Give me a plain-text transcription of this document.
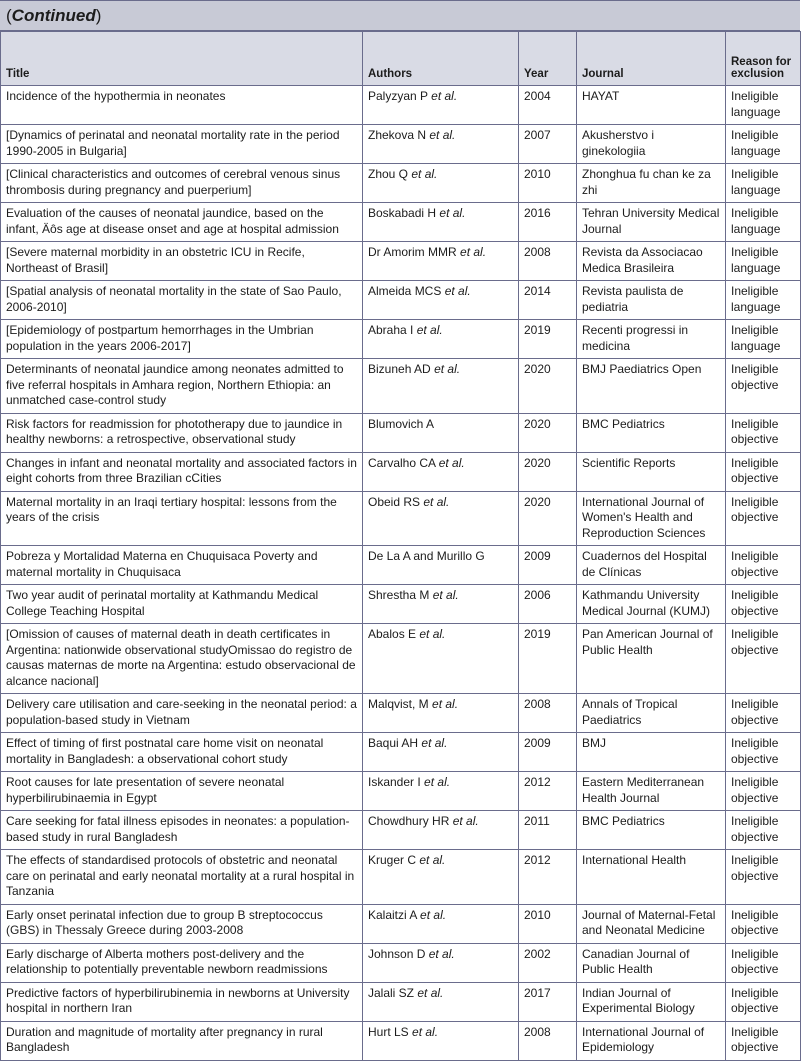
( Continued )
Title	Authors	Year	Journal	Reason for exclusion
Incidence of the hypothermia in neonates	Palyzyan P et al.	2004	HAYAT	Ineligible language
[Dynamics of perinatal and neonatal mortality rate in the period 1990-2005 in Bulgaria]	Zhekova N et al.	2007	Akusherstvo i ginekologiia	Ineligible language
[Clinical characteristics and outcomes of cerebral venous sinus thrombosis during pregnancy and puerperium]	Zhou Q et al.	2010	Zhonghua fu chan ke za zhi	Ineligible language
Evaluation of the causes of neonatal jaundice, based on the infant, Äôs age at disease onset and age at hospital admission	Boskabadi H et al.	2016	Tehran University Medical Journal	Ineligible language
[Severe maternal morbidity in an obstetric ICU in Recife, Northeast of Brasil]	Dr Amorim MMR et al.	2008	Revista da Associacao Medica Brasileira	Ineligible language
[Spatial analysis of neonatal mortality in the state of Sao Paulo, 2006-2010]	Almeida MCS et al.	2014	Revista paulista de pediatria	Ineligible language
[Epidemiology of postpartum hemorrhages in the Umbrian population in the years 2006-2017]	Abraha I et al.	2019	Recenti progressi in medicina	Ineligible language
Determinants of neonatal jaundice among neonates admitted to five referral hospitals in Amhara region, Northern Ethiopia: an unmatched case-control study	Bizuneh AD et al.	2020	BMJ Paediatrics Open	Ineligible objective
Risk factors for readmission for phototherapy due to jaundice in healthy newborns: a retrospective, observational study	Blumovich A	2020	BMC Pediatrics	Ineligible objective
Changes in infant and neonatal mortality and associated factors in eight cohorts from three Brazilian cCities	Carvalho CA et al.	2020	Scientific Reports	Ineligible objective
Maternal mortality in an Iraqi tertiary hospital: lessons from the years of the crisis	Obeid RS et al.	2020	International Journal of Women's Health and Reproduction Sciences	Ineligible objective
Pobreza y Mortalidad Materna en Chuquisaca Poverty and maternal mortality in Chuquisaca	De La A and Murillo G	2009	Cuadernos del Hospital de Clínicas	Ineligible objective
Two year audit of perinatal mortality at Kathmandu Medical College Teaching Hospital	Shrestha M et al.	2006	Kathmandu University Medical Journal (KUMJ)	Ineligible objective
[Omission of causes of maternal death in death certificates in Argentina: nationwide observational studyOmissao do registro de causas maternas de morte na Argentina: estudo observacional de alcance nacional]	Abalos E et al.	2019	Pan American Journal of Public Health	Ineligible objective
Delivery care utilisation and care-seeking in the neonatal period: a population-based study in Vietnam	Malqvist, M et al.	2008	Annals of Tropical Paediatrics	Ineligible objective
Effect of timing of first postnatal care home visit on neonatal mortality in Bangladesh: a observational cohort study	Baqui AH et al.	2009	BMJ	Ineligible objective
Root causes for late presentation of severe neonatal hyperbilirubinaemia in Egypt	Iskander I et al.	2012	Eastern Mediterranean Health Journal	Ineligible objective
Care seeking for fatal illness episodes in neonates: a population-based study in rural Bangladesh	Chowdhury HR et al.	2011	BMC Pediatrics	Ineligible objective
The effects of standardised protocols of obstetric and neonatal care on perinatal and early neonatal mortality at a rural hospital in Tanzania	Kruger C et al.	2012	International Health	Ineligible objective
Early onset perinatal infection due to group B streptococcus (GBS) in Thessaly Greece during 2003-2008	Kalaitzi A et al.	2010	Journal of Maternal-Fetal and Neonatal Medicine	Ineligible objective
Early discharge of Alberta mothers post-delivery and the relationship to potentially preventable newborn readmissions	Johnson D et al.	2002	Canadian Journal of Public Health	Ineligible objective
Predictive factors of hyperbilirubinemia in newborns at University hospital in northern Iran	Jalali SZ et al.	2017	Indian Journal of Experimental Biology	Ineligible objective
Duration and magnitude of mortality after pregnancy in rural Bangladesh	Hurt LS et al.	2008	International Journal of Epidemiology	Ineligible objective
